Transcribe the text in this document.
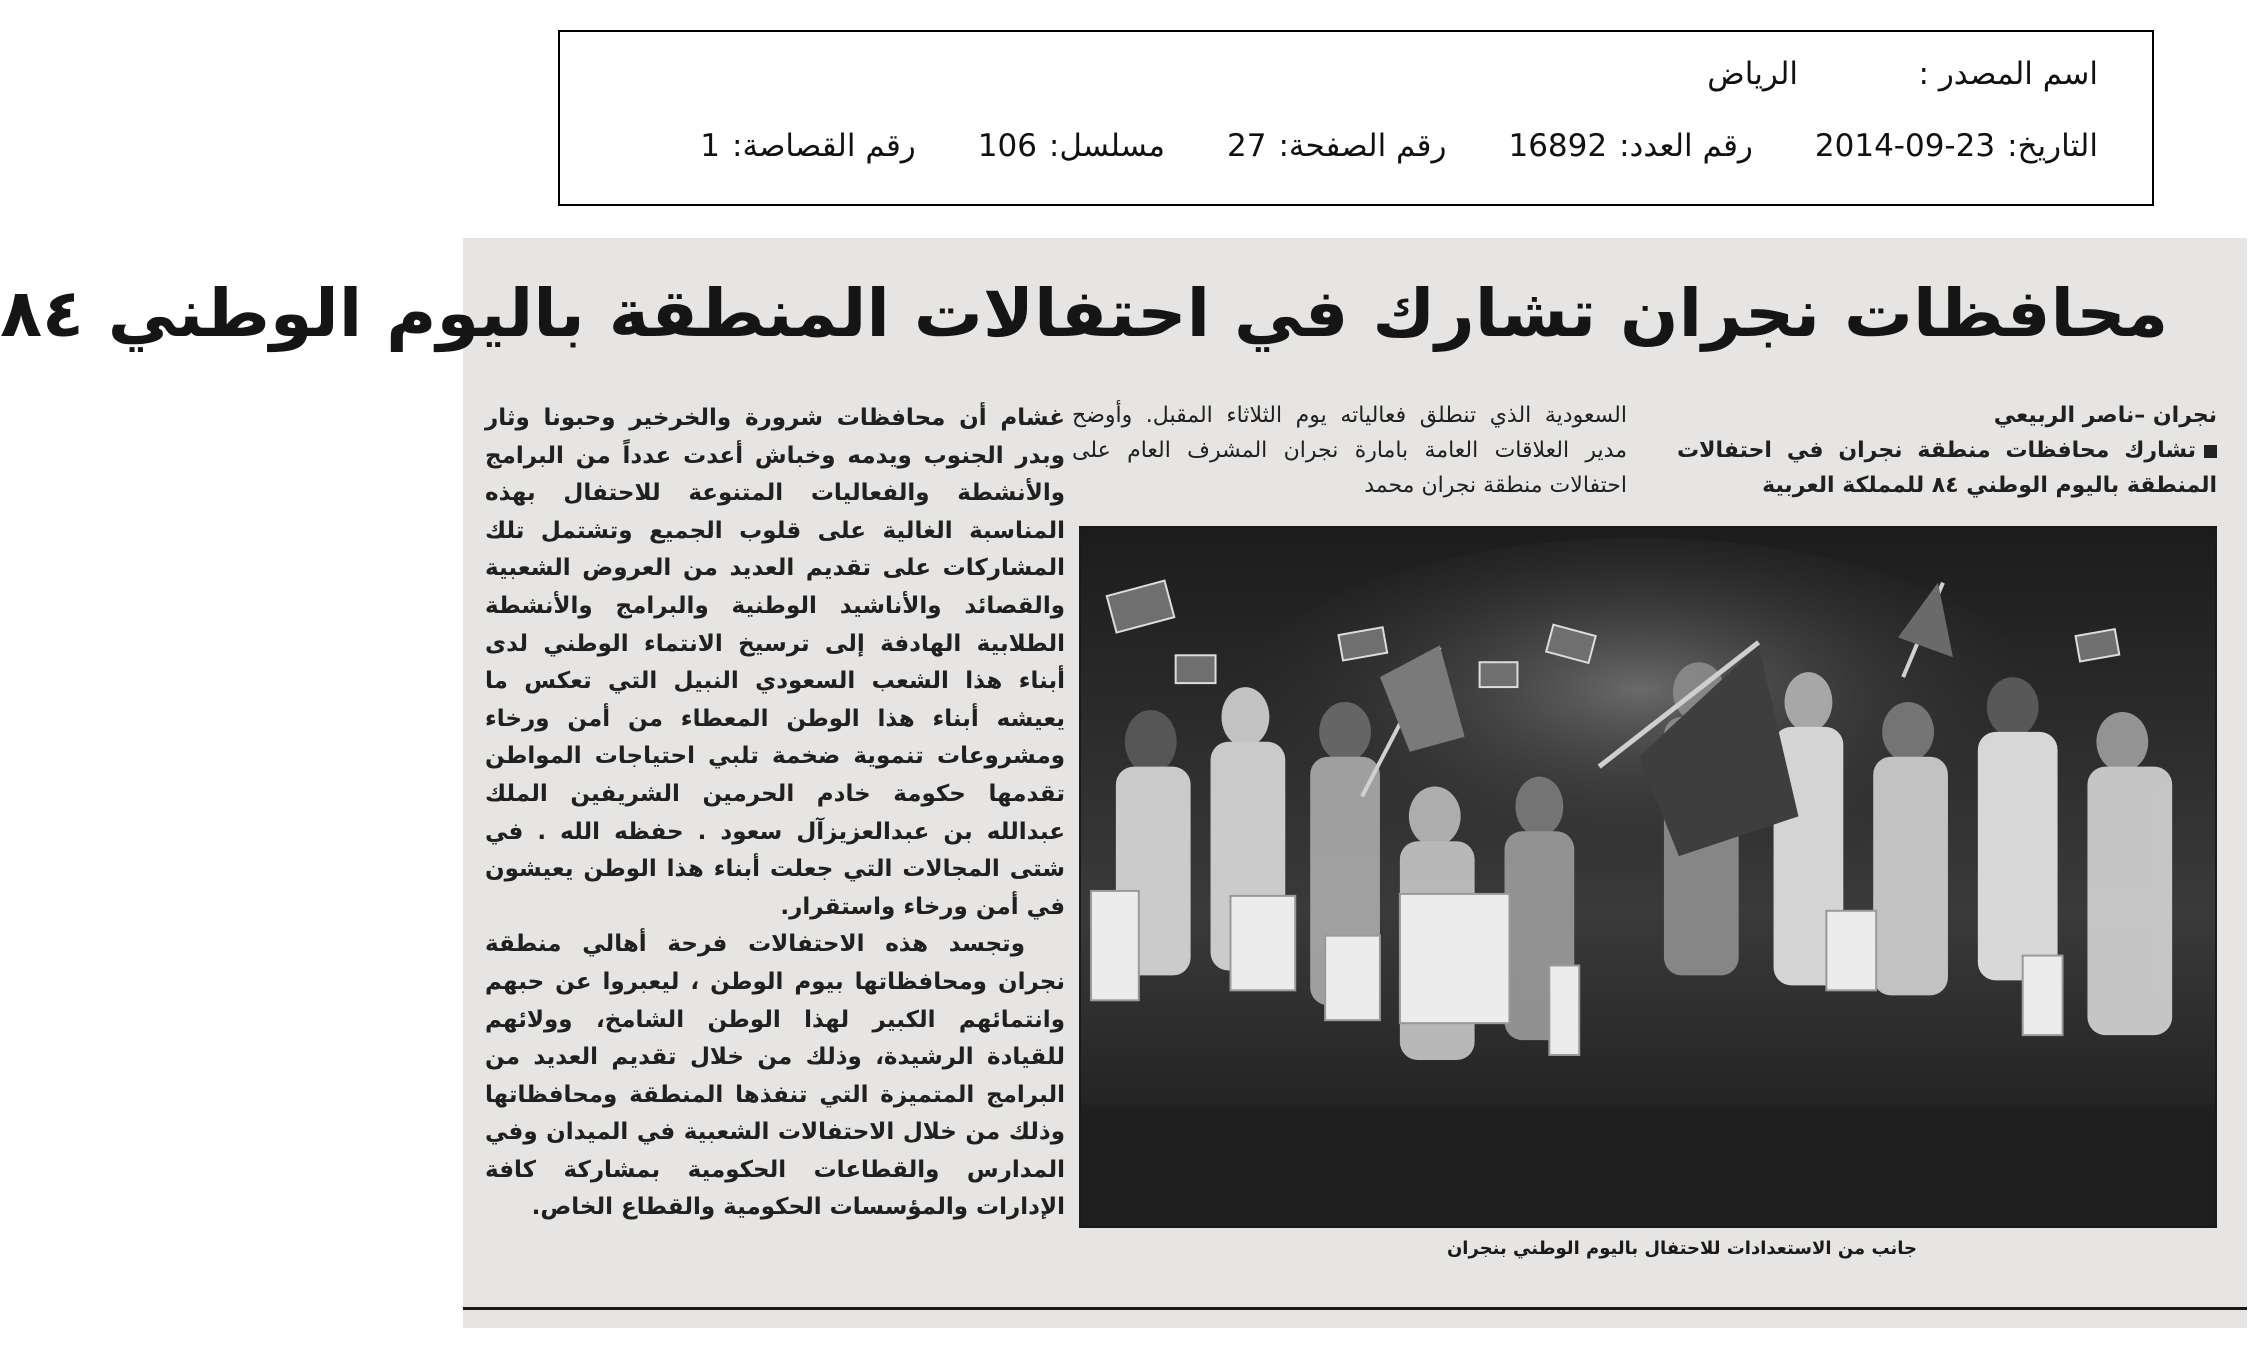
اسم المصدر :
الرياض
التاريخ:
2014-09-23
رقم العدد:
16892
رقم الصفحة:
27
مسلسل:
106
رقم القصاصة:
1
محافظات نجران تشارك في احتفالات المنطقة باليوم الوطني ٨٤
نجران –ناصر الربيعي
تشارك محافظات منطقة نجران في احتفالات المنطقة باليوم الوطني ٨٤ للمملكة العربية
السعودية الذي تنطلق فعالياته يوم الثلاثاء المقبل. وأوضح مدير العلاقات العامة بامارة نجران المشرف العام على احتفالات منطقة نجران محمد

غشام أن محافظات شرورة والخرخير وحبونا وثار وبدر الجنوب ويدمه وخباش أعدت عدداً من البرامج والأنشطة والفعاليات المتنوعة للاحتفال بهذه المناسبة الغالية على قلوب الجميع وتشتمل تلك المشاركات على تقديم العديد من العروض الشعبية والقصائد والأناشيد الوطنية والبرامج والأنشطة الطلابية الهادفة إلى ترسيخ الانتماء الوطني لدى أبناء هذا الشعب السعودي النبيل التي تعكس ما يعيشه أبناء هذا الوطن المعطاء من أمن ورخاء ومشروعات تنموية ضخمة تلبي احتياجات المواطن تقدمها حكومة خادم الحرمين الشريفين الملك عبدالله بن عبدالعزيزآل سعود . حفظه الله . في شتى المجالات التي جعلت أبناء هذا الوطن يعيشون في أمن ورخاء واستقرار.

وتجسد هذه الاحتفالات فرحة أهالي منطقة نجران ومحافظاتها بيوم الوطن ، ليعبروا عن حبهم وانتمائهم الكبير لهذا الوطن الشامخ، وولائهم للقيادة الرشيدة، وذلك من خلال تقديم العديد من البرامج المتميزة التي تنفذها المنطقة ومحافظاتها وذلك من خلال الاحتفالات الشعبية في الميدان وفي المدارس والقطاعات الحكومية بمشاركة كافة الإدارات والمؤسسات الحكومية والقطاع الخاص.

جانب من الاستعدادات للاحتفال باليوم الوطني بنجران
